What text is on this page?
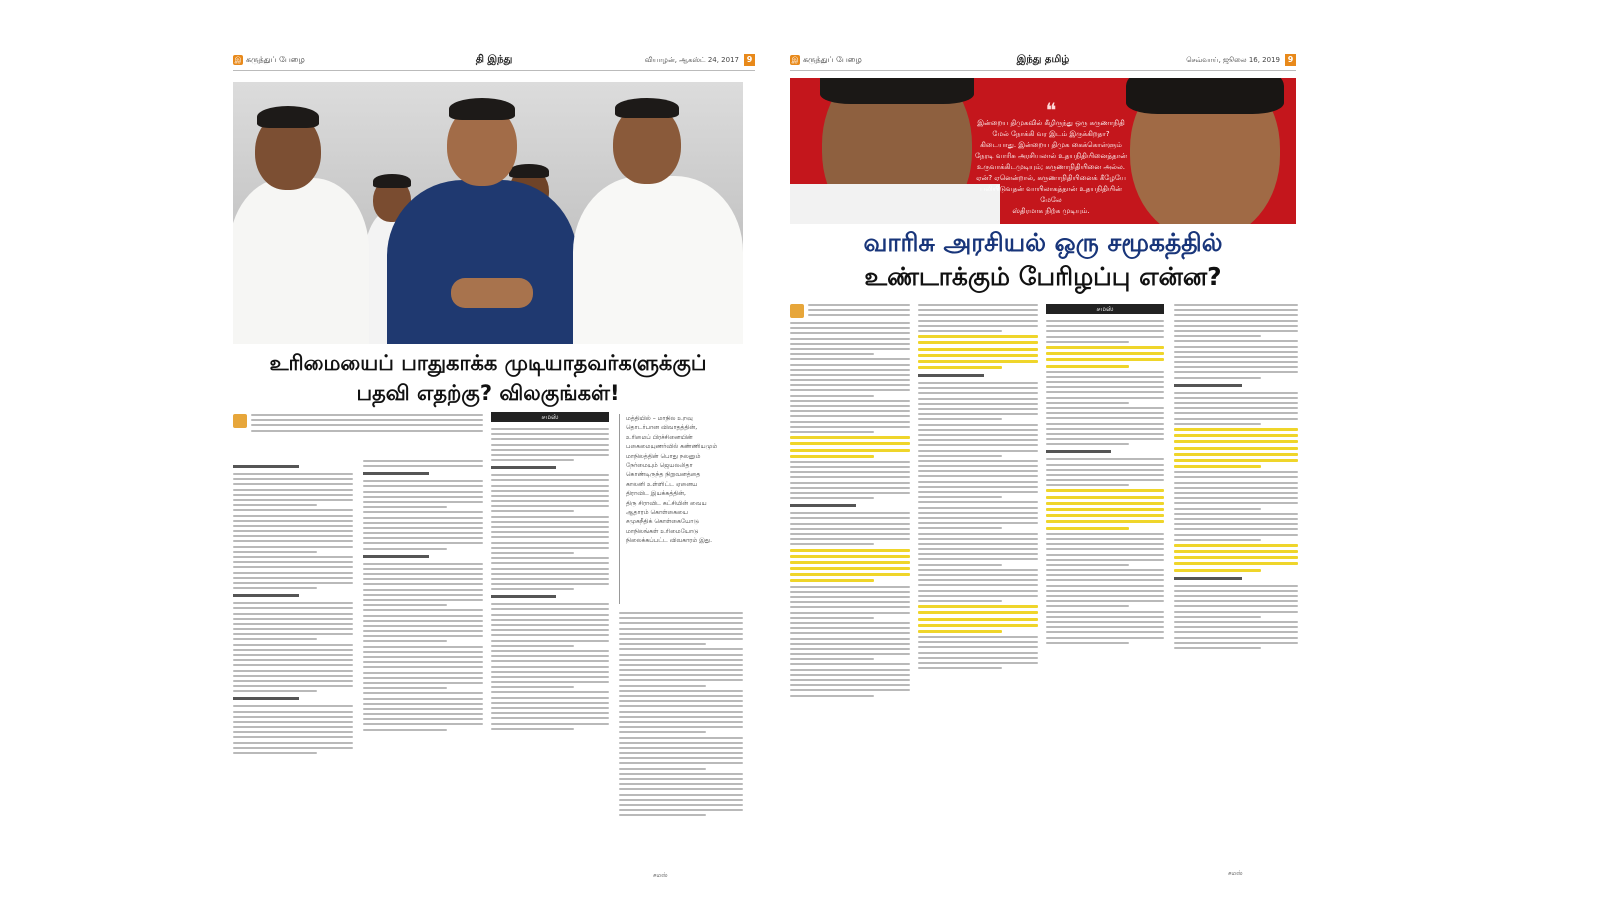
இ கருத்துப் பேழை	தி இந்து	வியாழன், ஆகஸ்ட் 24, 2017 9
உரிமையைப் பாதுகாக்க முடியாதவர்களுக்குப்
பதவி எதற்கு? விலகுங்கள்!
சமஸ்	மத்தியில் – மாநில உறவு
தொடர்பான விவாதத்தின்,
உரிமைப் பிரச்சினையின்
பகைமையுணர்வில் கண்ணியமும்
மாநிலத்தின் பொது நலனும்
நேர்மையும் ஜெயலலிதா
கொண்டிருந்த நிறுவனத்தை
காலனி உள்ளிட்ட ஏனைய
திராவிட இயக்கத்தின்,
திரு சிராவிட கட்சியின் வைய
ஆதாரம் கொள்கையை
சமுகநீதிக் கொள்கையோடு
மாநிலங்கள் உரிமையோடு
நிலைக்கப்பட்ட விவகாரம் இது.
சமஸ்
இ கருத்துப் பேழை	இந்து தமிழ்	செவ்வாய், ஜூலை 16, 2019 9
❝
இன்றைய திமுகவில் கீழிருந்து ஒரு கருணாநிதி
மேல் நோக்கி வர இடம் இருக்கிறதா?
கிடையாது. இன்றைய திமுக கைக்கொள்ளும்
நேரடி வாரிசு அரசியலால் உதயநிதியினைத்தான்
உருவாக்கிடமுடியும்; கருணாநிதியினை அல்ல.
ஏன்? ஏனென்றால், கருணாநிதியினைக் கீழேயே
பலியிடுவதன் வாயிலாகத்தான் உதயநிதியின் மேலே
ஸ்திரமாக நிற்க முடியும்.
வாரிசு அரசியல் ஒரு சமூகத்தில்
உண்டாக்கும் பேரிழப்பு என்ன?
சமஸ்
சமஸ்
